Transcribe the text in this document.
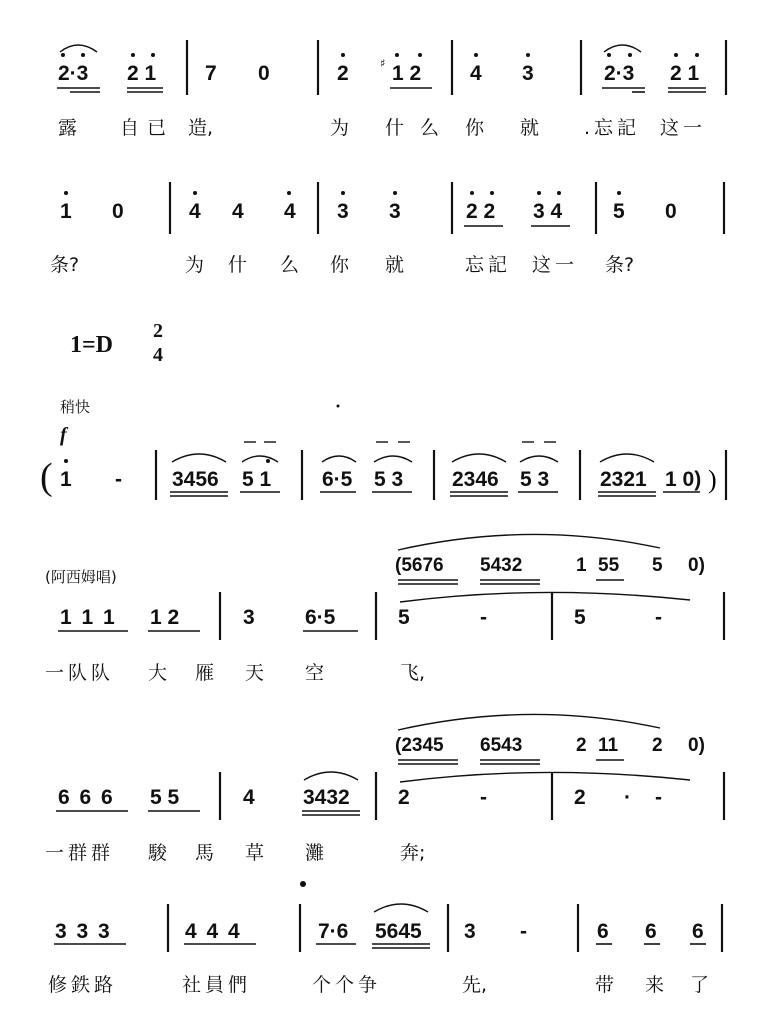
2·3 2 1 7 0	2 1 2 4 3	2·3 2 1
露 自已 造,	为 什 么 你 就 .忘記 这一
1 0	4 4 4 3 3	2 2 3 4 5 0
条?	为 什 么 你 就	忘記 这一 条?
1=D
2
4
稍快
f
( 1 - 3456 5 1 6·5 5 3 2346 5 3 2321 1 0)
(阿西姆唱)
(5676 5432	1 55 5 0)
1 1 1 1 2	3 6·5	5	-	5	-
一队队 大 雁 天 空	飞,
(2345 6543	2 11 2 0)
6 6 6 5 5	4 3432 2	-	2 · -
一群群 駿 馬 草 灘	奔;
3 3 3	4 4 4	7·6 5645 3 -	6 6 6
修鉄路	社員們	个个争	先,	带 来 了
♯
)
